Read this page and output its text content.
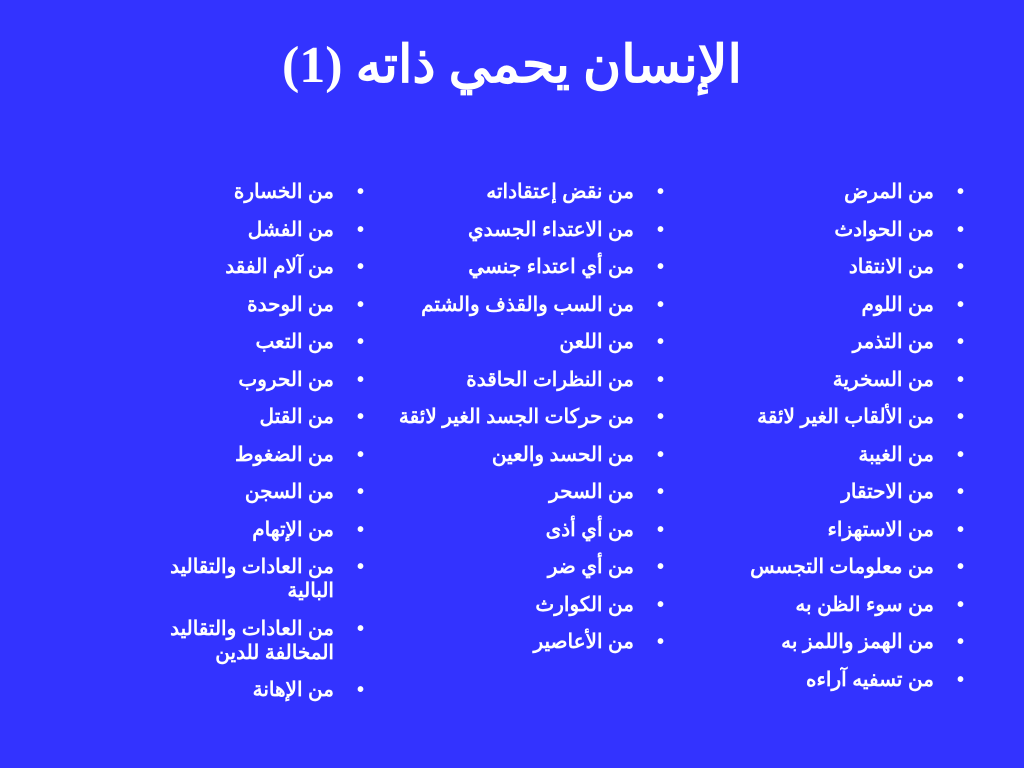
الإنسان يحمي ذاته (1)
• من المرض
• من الحوادث
• من الانتقاد
• من اللوم
• من التذمر
• من السخرية
• من الألقاب الغير لائقة
• من الغيبة
• من الاحتقار
• من الاستهزاء
• من معلومات التجسس
• من سوء الظن به
• من الهمز واللمز به
• من تسفيه آراءه
• من نقض إعتقاداته
• من الاعتداء الجسدي
• من أي اعتداء جنسي
• من السب والقذف والشتم
• من اللعن
• من النظرات الحاقدة
• من حركات الجسد الغير لائقة
• من الحسد والعين
• من السحر
• من أي أذى
• من أي ضر
• من الكوارث
• من الأعاصير
• من الخسارة
• من الفشل
• من آلام الفقد
• من الوحدة
• من التعب
• من الحروب
• من القتل
• من الضغوط
• من السجن
• من الإتهام
• من العادات والتقاليد البالية
• من العادات والتقاليد المخالفة للدين
• من الإهانة
